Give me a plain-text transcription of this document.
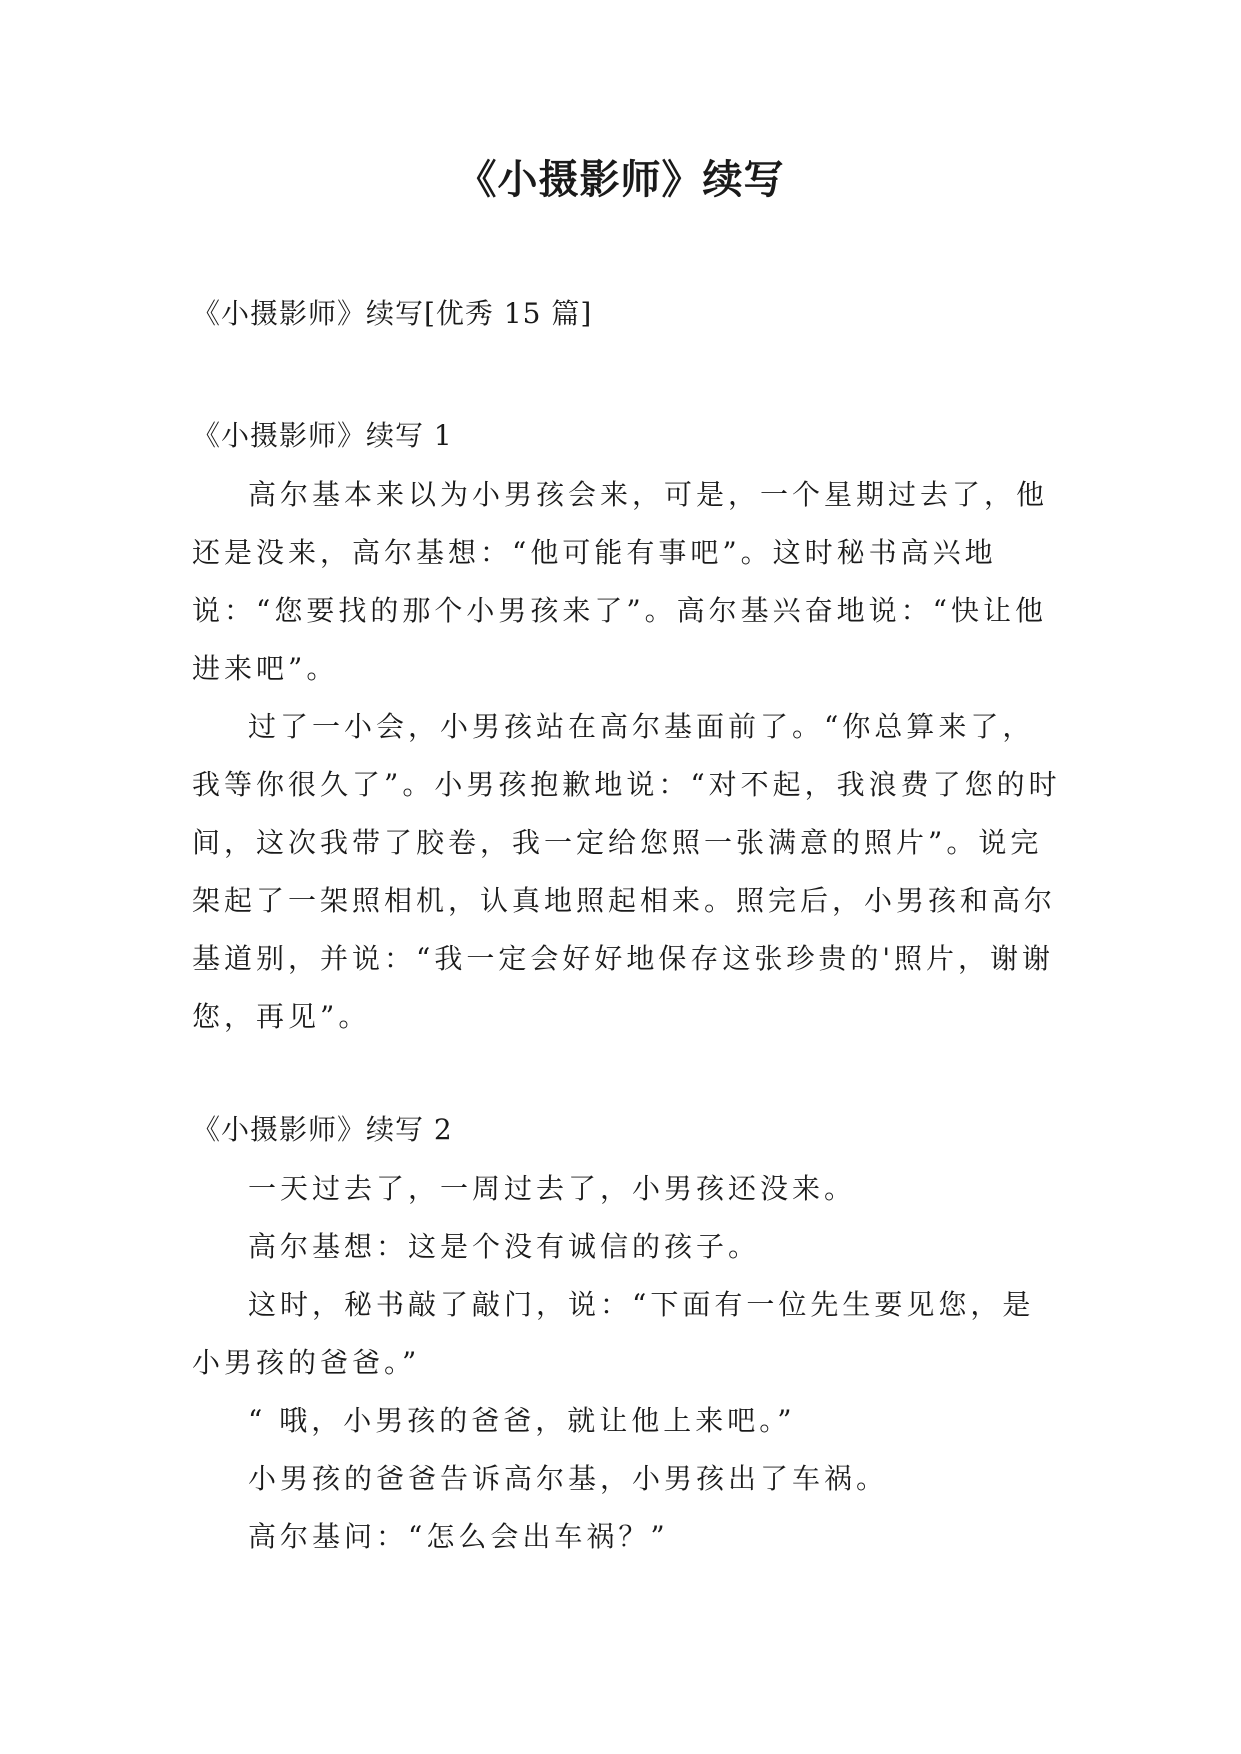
《小摄影师》续写

《小摄影师》续写[优秀 15 篇]

《小摄影师》续写 1

高尔基本来以为小男孩会来，可是，一个星期过去了，他还是没来，高尔基想：“他可能有事吧”。这时秘书高兴地说：“您要找的那个小男孩来了”。高尔基兴奋地说：“快让他进来吧”。

过了一小会，小男孩站在高尔基面前了。“你总算来了，我等你很久了”。小男孩抱歉地说：“对不起，我浪费了您的时间，这次我带了胶卷，我一定给您照一张满意的照片”。说完架起了一架照相机，认真地照起相来。照完后，小男孩和高尔基道别，并说：“我一定会好好地保存这张珍贵的'照片，谢谢您，再见”。

《小摄影师》续写 2

一天过去了，一周过去了，小男孩还没来。

高尔基想：这是个没有诚信的孩子。

这时，秘书敲了敲门，说：“下面有一位先生要见您，是小男孩的爸爸。”

“ 哦，小男孩的爸爸，就让他上来吧。”

小男孩的爸爸告诉高尔基，小男孩出了车祸。

高尔基问：“怎么会出车祸？”
